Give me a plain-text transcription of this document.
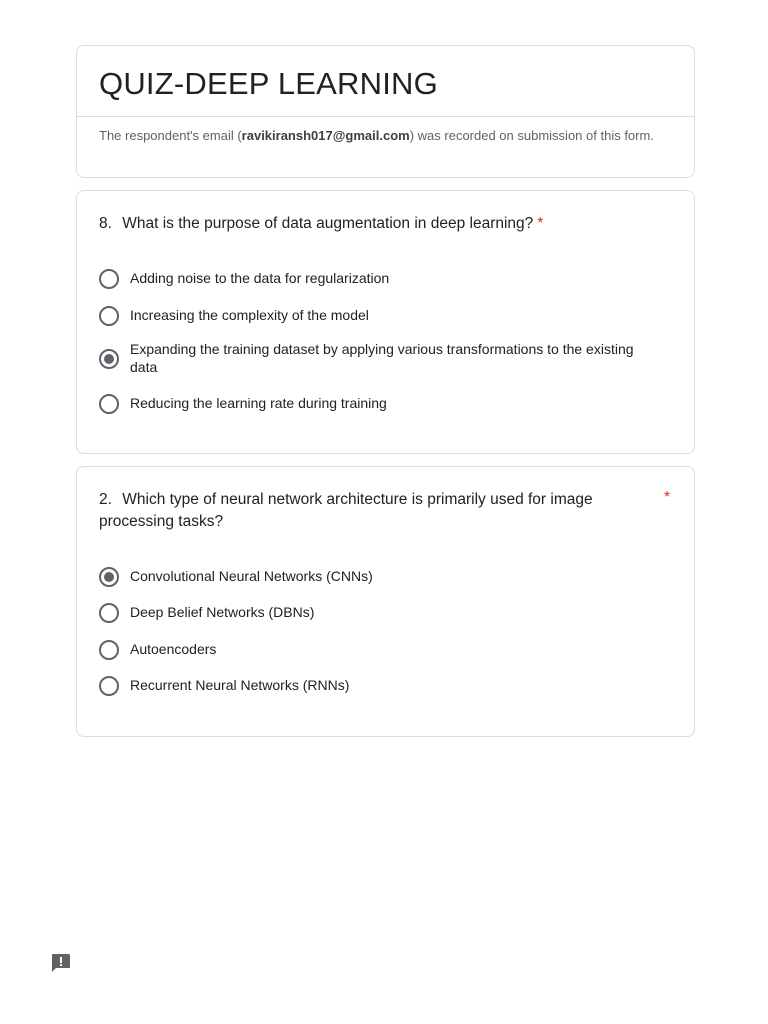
QUIZ-DEEP LEARNING
The respondent's email (ravikiransh017@gmail.com) was recorded on submission of this form.
8. What is the purpose of data augmentation in deep learning? *
Adding noise to the data for regularization
Increasing the complexity of the model
Expanding the training dataset by applying various transformations to the existing data
Reducing the learning rate during training
2. Which type of neural network architecture is primarily used for image processing tasks?
*
Convolutional Neural Networks (CNNs)
Deep Belief Networks (DBNs)
Autoencoders
Recurrent Neural Networks (RNNs)
